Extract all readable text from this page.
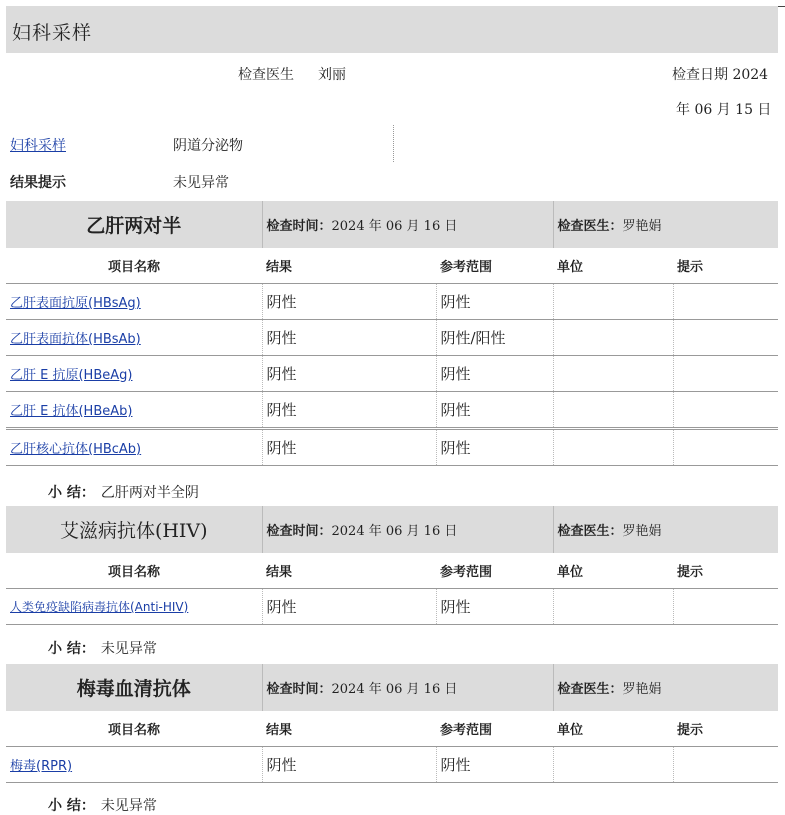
妇科采样
检查医生 刘丽	检查日期 2024
年 06 月 15 日
妇科采样	阴道分泌物
结果提示	未见异常
乙肝两对半	检查时间：2024 年 06 月 16 日		检查医生：罗艳娟	
项目名称	结果	参考范围	单位	提示
乙肝表面抗原(HBsAg)	阴性	阴性		
乙肝表面抗体(HBsAb)	阴性	阴性/阳性		
乙肝 E 抗原(HBeAg)	阴性	阴性		
乙肝 E 抗体(HBeAb)	阴性	阴性		
乙肝核心抗体(HBcAb)	阴性	阴性		
小 结： 乙肝两对半全阴
艾滋病抗体(HIV)	检查时间：2024 年 06 月 16 日		检查医生：罗艳娟	
项目名称	结果	参考范围	单位	提示
人类免疫缺陷病毒抗体(Anti-HIV)	阴性	阴性		
小 结： 未见异常
梅毒血清抗体	检查时间：2024 年 06 月 16 日		检查医生：罗艳娟	
项目名称	结果	参考范围	单位	提示
梅毒(RPR)	阴性	阴性		
小 结： 未见异常
